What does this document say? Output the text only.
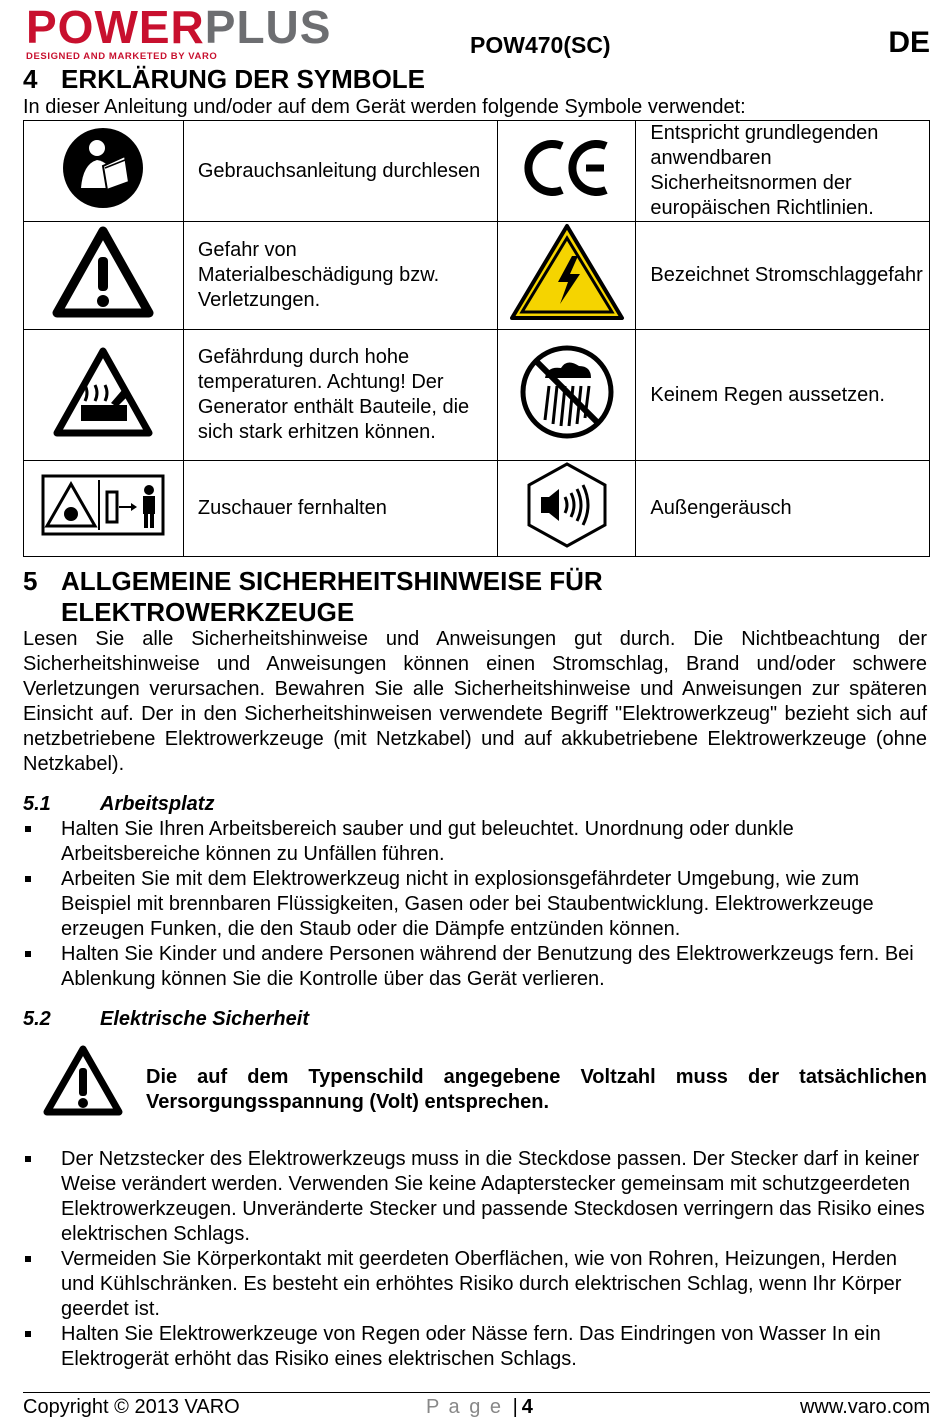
POWERPLUS
DESIGNED AND MARKETED BY VARO	POW470(SC)	DE
4 ERKLÄRUNG DER SYMBOLE
In dieser Anleitung und/oder auf dem Gerät werden folgende Symbole verwendet:
	Gebrauchsanleitung durchlesen		Entspricht grundlegenden anwendbaren Sicherheitsnormen der europäischen Richtlinien.
	Gefahr von Materialbeschädigung bzw. Verletzungen.		Bezeichnet Stromschlaggefahr
	Gefährdung durch hohe temperaturen. Achtung! Der Generator enthält Bauteile, die sich stark erhitzen können.		Keinem Regen aussetzen.
	Zuschauer fernhalten		Außengeräusch
5 ALLGEMEINE SICHERHEITSHINWEISE FÜR
ELEKTROWERKZEUGE
Lesen Sie alle Sicherheitshinweise und Anweisungen gut durch. Die Nichtbeachtung der Sicherheitshinweise und Anweisungen können einen Stromschlag, Brand und/oder schwere Verletzungen verursachen. Bewahren Sie alle Sicherheitshinweise und Anweisungen zur späteren Einsicht auf. Der in den Sicherheitshinweisen verwendete Begriff "Elektrowerkzeug" bezieht sich auf netzbetriebene Elektrowerkzeuge (mit Netzkabel) und auf akkubetriebene Elektrowerkzeuge (ohne Netzkabel).
5.1 Arbeitsplatz
Halten Sie Ihren Arbeitsbereich sauber und gut beleuchtet. Unordnung oder dunkle Arbeitsbereiche können zu Unfällen führen.
Arbeiten Sie mit dem Elektrowerkzeug nicht in explosionsgefährdeter Umgebung, wie zum Beispiel mit brennbaren Flüssigkeiten, Gasen oder bei Staubentwicklung. Elektrowerkzeuge erzeugen Funken, die den Staub oder die Dämpfe entzünden können.
Halten Sie Kinder und andere Personen während der Benutzung des Elektrowerkzeugs fern. Bei Ablenkung können Sie die Kontrolle über das Gerät verlieren.
5.2 Elektrische Sicherheit
Die auf dem Typenschild angegebene Voltzahl muss der tatsächlichen Versorgungsspannung (Volt) entsprechen.
Der Netzstecker des Elektrowerkzeugs muss in die Steckdose passen. Der Stecker darf in keiner Weise verändert werden. Verwenden Sie keine Adapterstecker gemeinsam mit schutzgeerdeten Elektrowerkzeugen. Unveränderte Stecker und passende Steckdosen verringern das Risiko eines elektrischen Schlags.
Vermeiden Sie Körperkontakt mit geerdeten Oberflächen, wie von Rohren, Heizungen, Herden und Kühlschränken. Es besteht ein erhöhtes Risiko durch elektrischen Schlag, wenn Ihr Körper geerdet ist.
Halten Sie Elektrowerkzeuge von Regen oder Nässe fern. Das Eindringen von Wasser In ein Elektrogerät erhöht das Risiko eines elektrischen Schlags.
Copyright © 2013 VARO	P a g e | 4	www.varo.com
